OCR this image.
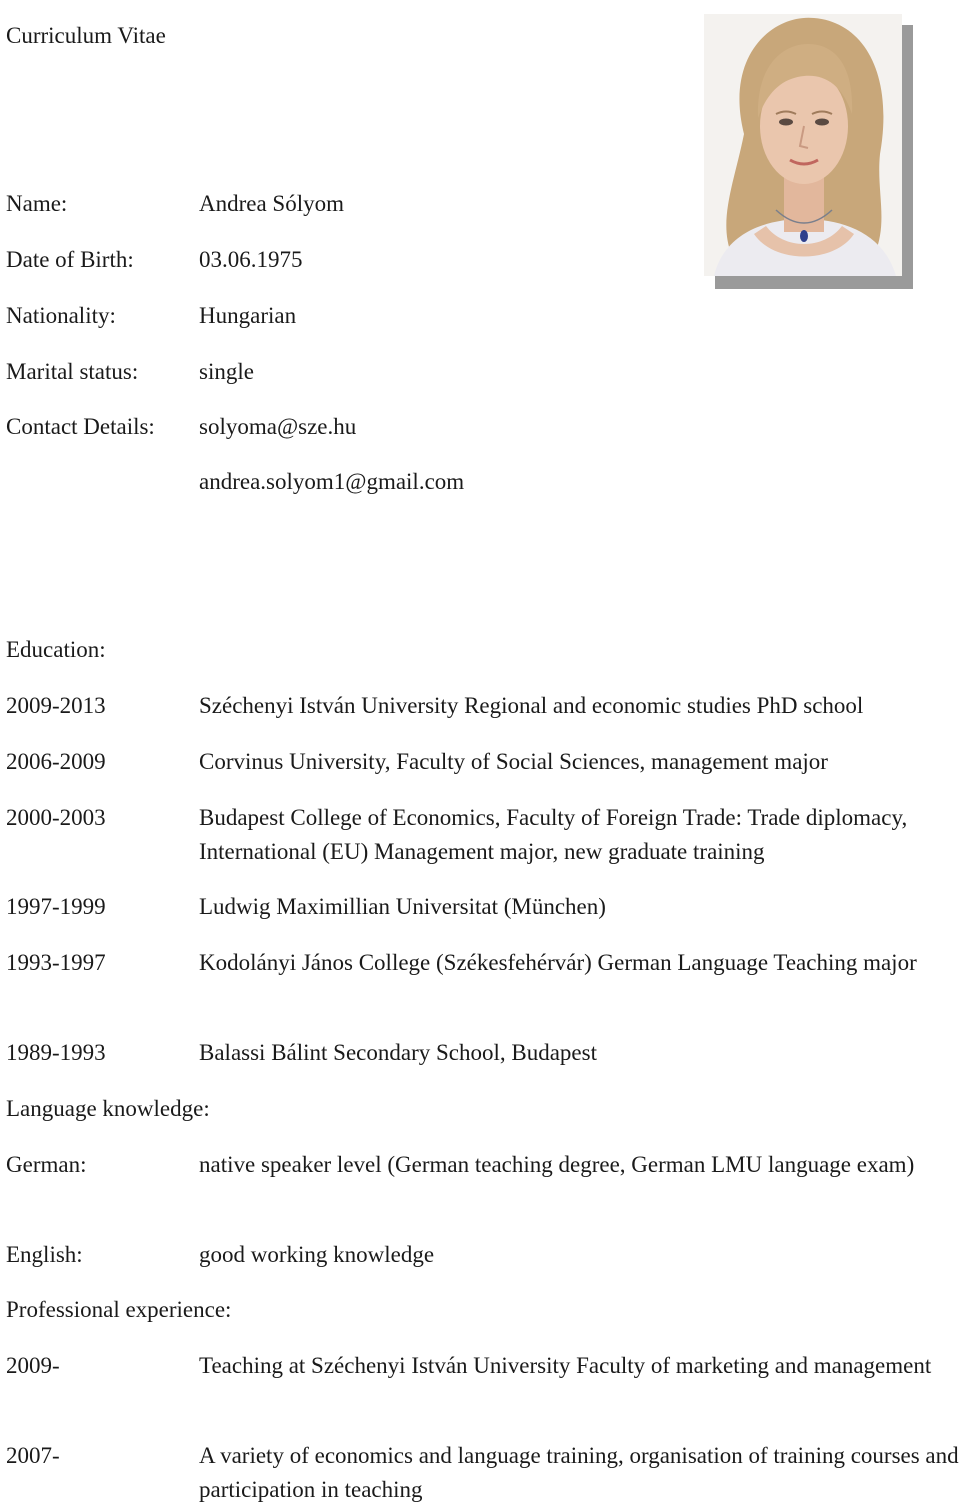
Curriculum Vitae
Name:	Andrea Sólyom
Date of Birth:	03.06.1975
Nationality:	Hungarian
Marital status:	single
Contact Details: solyoma@sze.hu
andrea.solyom1@gmail.com
Education:
2009-2013	Széchenyi István University Regional and economic studies PhD school
2006-2009	Corvinus University, Faculty of Social Sciences, management major
2000-2003	Budapest College of Economics, Faculty of Foreign Trade: Trade diplomacy, International (EU) Management major, new graduate training
1997-1999	Ludwig Maximillian Universitat (München)
1993-1997	Kodolányi János College (Székesfehérvár) German Language Teaching major
1989-1993	Balassi Bálint Secondary School, Budapest
Language knowledge:
German:	native speaker level (German teaching degree, German LMU language exam)
English:	good working knowledge
Professional experience:
2009-	Teaching at Széchenyi István University Faculty of marketing and management
2007-	A variety of economics and language training, organisation of training courses and participation in teaching
